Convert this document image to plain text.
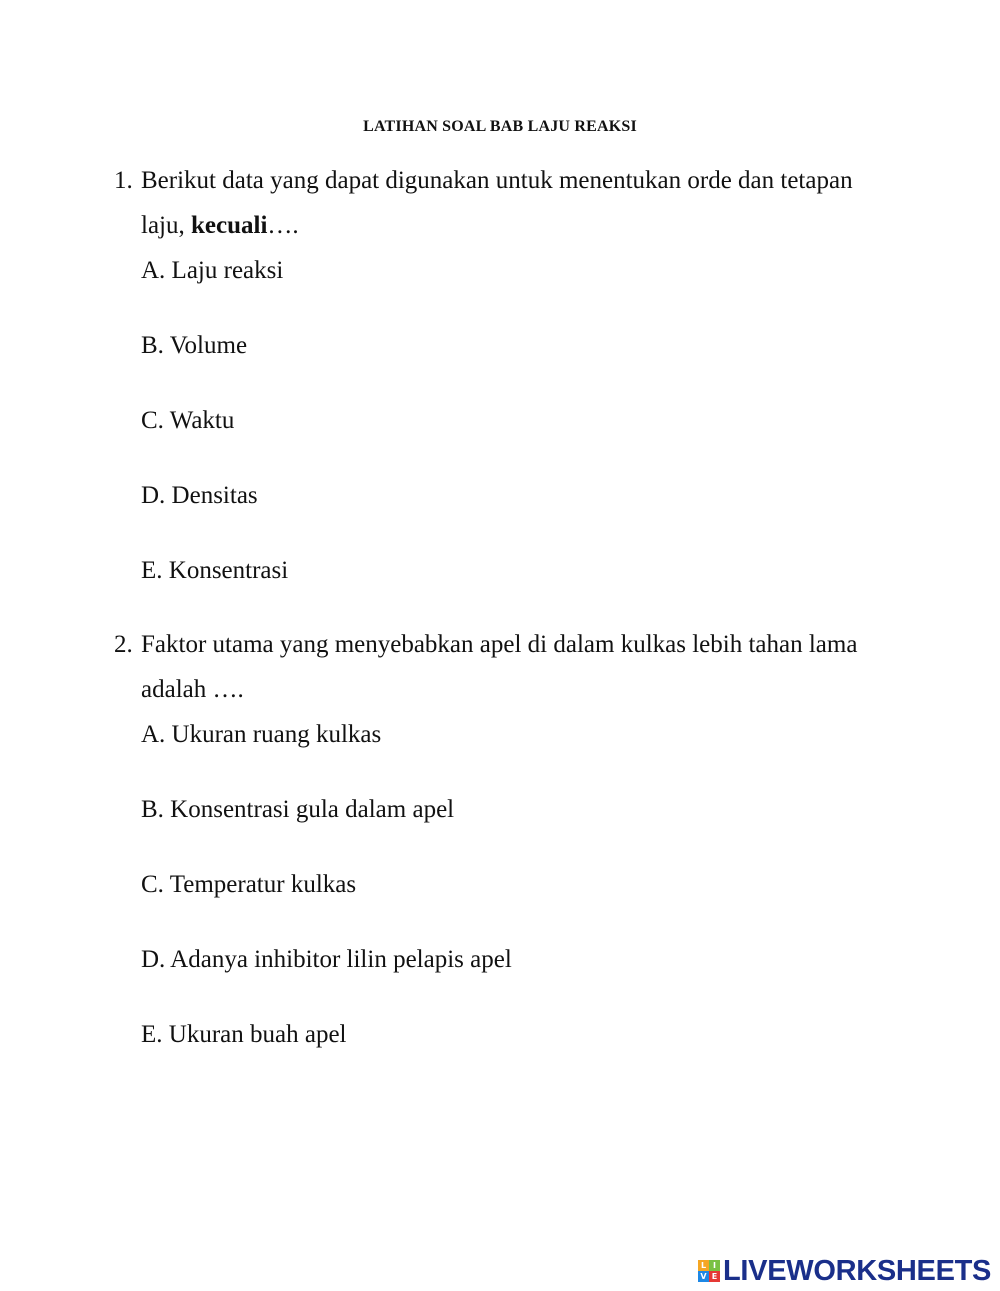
LATIHAN SOAL BAB LAJU REAKSI
1. Berikut data yang dapat digunakan untuk menentukan orde dan tetapan
laju, kecuali….
A. Laju reaksi
B. Volume
C. Waktu
D. Densitas
E. Konsentrasi
2. Faktor utama yang menyebabkan apel di dalam kulkas lebih tahan lama
adalah ….
A. Ukuran ruang kulkas
B. Konsentrasi gula dalam apel
C. Temperatur kulkas
D. Adanya inhibitor lilin pelapis apel
E. Ukuran buah apel
L I
V E LIVEWORKSHEETS
